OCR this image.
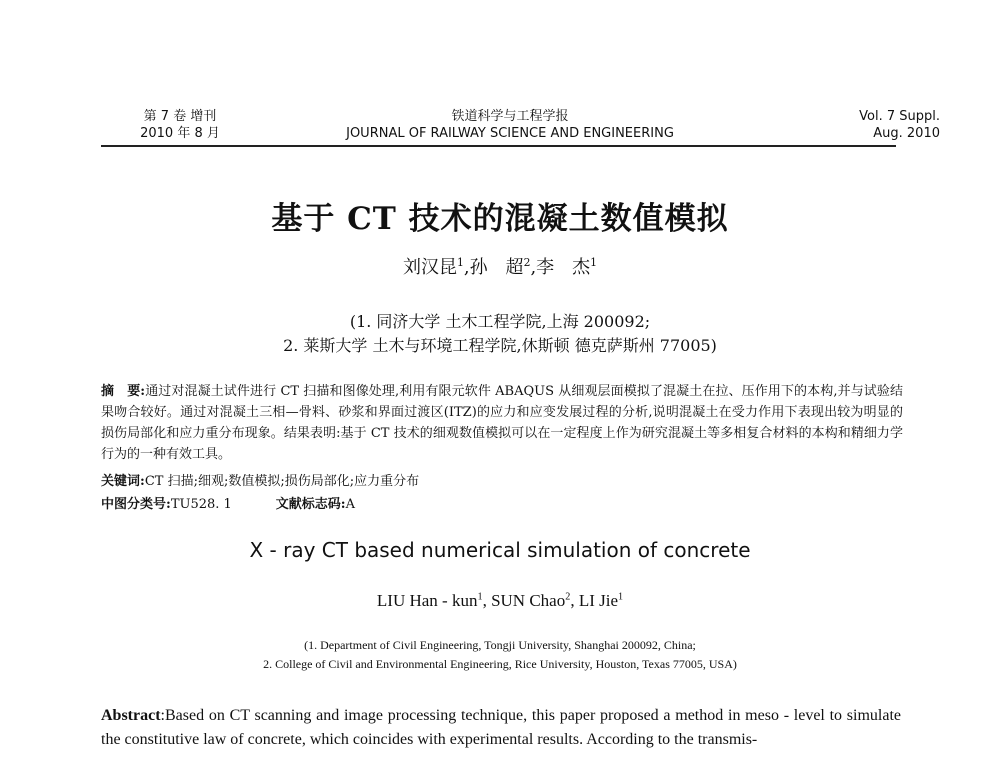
第 7 卷 增刊
2010 年 8 月
铁道科学与工程学报
JOURNAL OF RAILWAY SCIENCE AND ENGINEERING
Vol. 7 Suppl.
Aug. 2010
基于 CT 技术的混凝土数值模拟
刘汉昆$^1$,孙　超$^2$,李　杰$^1$
(1. 同济大学 土木工程学院,上海 200092;
2. 莱斯大学 土木与环境工程学院,休斯顿 德克萨斯州 77005)
摘　要:通过对混凝土试件进行 CT 扫描和图像处理,利用有限元软件 ABAQUS 从细观层面模拟了混凝土在拉、压作用下的本构,并与试验结果吻合较好。通过对混凝土三相—骨料、砂浆和界面过渡区(ITZ)的应力和应变发展过程的分析,说明混凝土在受力作用下表现出较为明显的损伤局部化和应力重分布现象。结果表明:基于 CT 技术的细观数值模拟可以在一定程度上作为研究混凝土等多相复合材料的本构和精细力学行为的一种有效工具。
关键词:CT 扫描;细观;数值模拟;损伤局部化;应力重分布
中图分类号:TU528. 1	文献标志码:A
X - ray CT based numerical simulation of concrete
LIU Han - kun$^1$, SUN Chao$^2$, LI Jie$^1$
(1. Department of Civil Engineering, Tongji University, Shanghai 200092, China;
2. College of Civil and Environmental Engineering, Rice University, Houston, Texas 77005, USA)
Abstract:Based on CT scanning and image processing technique, this paper proposed a method in meso - level to simulate the constitutive law of concrete, which coincides with experimental results. According to the transmis-
